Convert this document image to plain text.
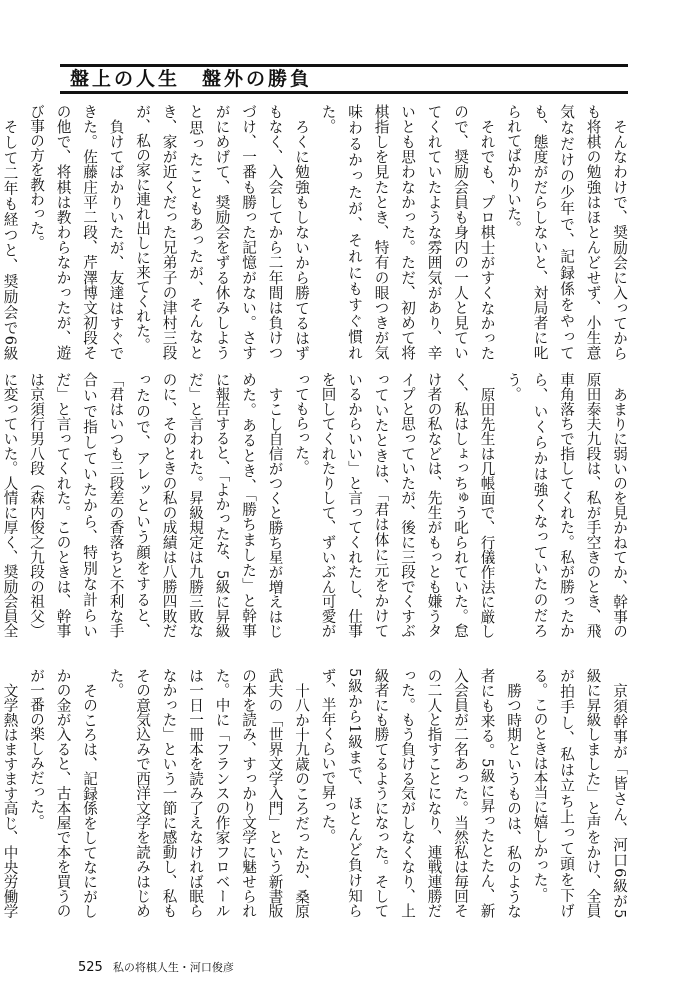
盤上の人生　盤外の勝負

そんなわけで、奨励会に入ってからも将棋の勉強はほとんどせず、小生意気なだけの少年で、記録係をやっても、態度がだらしないと、対局者に叱られてばかりいた。

それでも、プロ棋士がすくなかったので、奨励会員も身内の一人と見ていてくれていたような雰囲気があり、辛いとも思わなかった。ただ、初めて将棋指しを見たとき、特有の眼つきが気味わるかったが、それにもすぐ慣れた。

ろくに勉強もしないから勝てるはずもなく、入会してから二年間は負けつづけ、一番も勝った記憶がない。さすがにめげて、奨励会をずる休みしようと思ったこともあったが、そんなとき、家が近くだった兄弟子の津村三段が、私の家に連れ出しに来てくれた。

負けてばかりいたが、友達はすぐできた。佐藤庄平二段、芹澤博文初段その他で、将棋は教わらなかったが、遊び事の方を教わった。

そして二年も経つと、奨励会で6級

あまりに弱いのを見かねてか、幹事の原田泰夫九段は、私が手空きのとき、飛車角落ちで指してくれた。私が勝ったから、いくらかは強くなっていたのだろう。

原田先生は几帳面で、行儀作法に厳しく、私はしょっちゅう叱られていた。怠け者の私などは、先生がもっとも嫌うタイプと思っていたが、後に三段でくすぶっていたときは、「君は体に元をかけているからいい」と言ってくれたし、仕事を回してくれたりして、ずいぶん可愛がってもらった。

すこし自信がつくと勝ち星が増えはじめた。あるとき、「勝ちました」と幹事に報告すると、「よかったな、5級に昇級だ」と言われた。昇級規定は九勝三敗なのに、そのときの私の成績は八勝四敗だったので、アレッという顔をすると、「君はいつも三段差の香落ちと不利な手合いで指していたから、特別な計らいだ」と言ってくれた。このときは、幹事は京須行男八段（森内俊之九段の祖父）に変っていた。人情に厚く、奨励会員全

京須幹事が「皆さん、河口6級が5級に昇級しました」と声をかけ、全員が拍手し、私は立ち上って頭を下げる。このときは本当に嬉しかった。

勝つ時期というものは、私のような者にも来る。5級に昇ったとたん、新入会員が二名あった。当然私は毎回その二人と指すことになり、連戦連勝だった。もう負ける気がしなくなり、上級者にも勝てるようになった。そして5級から1級まで、ほとんど負け知らず、半年くらいで昇った。

十八か十九歳のころだったか、桑原武夫の「世界文学入門」という新書版の本を読み、すっかり文学に魅せられた。中に「フランスの作家フロベールは一日一冊本を読み了えなければ眠らなかった」という一節に感動し、私もその意気込みで西洋文学を読みはじめた。

そのころは、記録係をしてなにがしかの金が入ると、古本屋で本を買うのが一番の楽しみだった。

文学熱はますます高じ、中央労働学

525 私の将棋人生・河口俊彦
